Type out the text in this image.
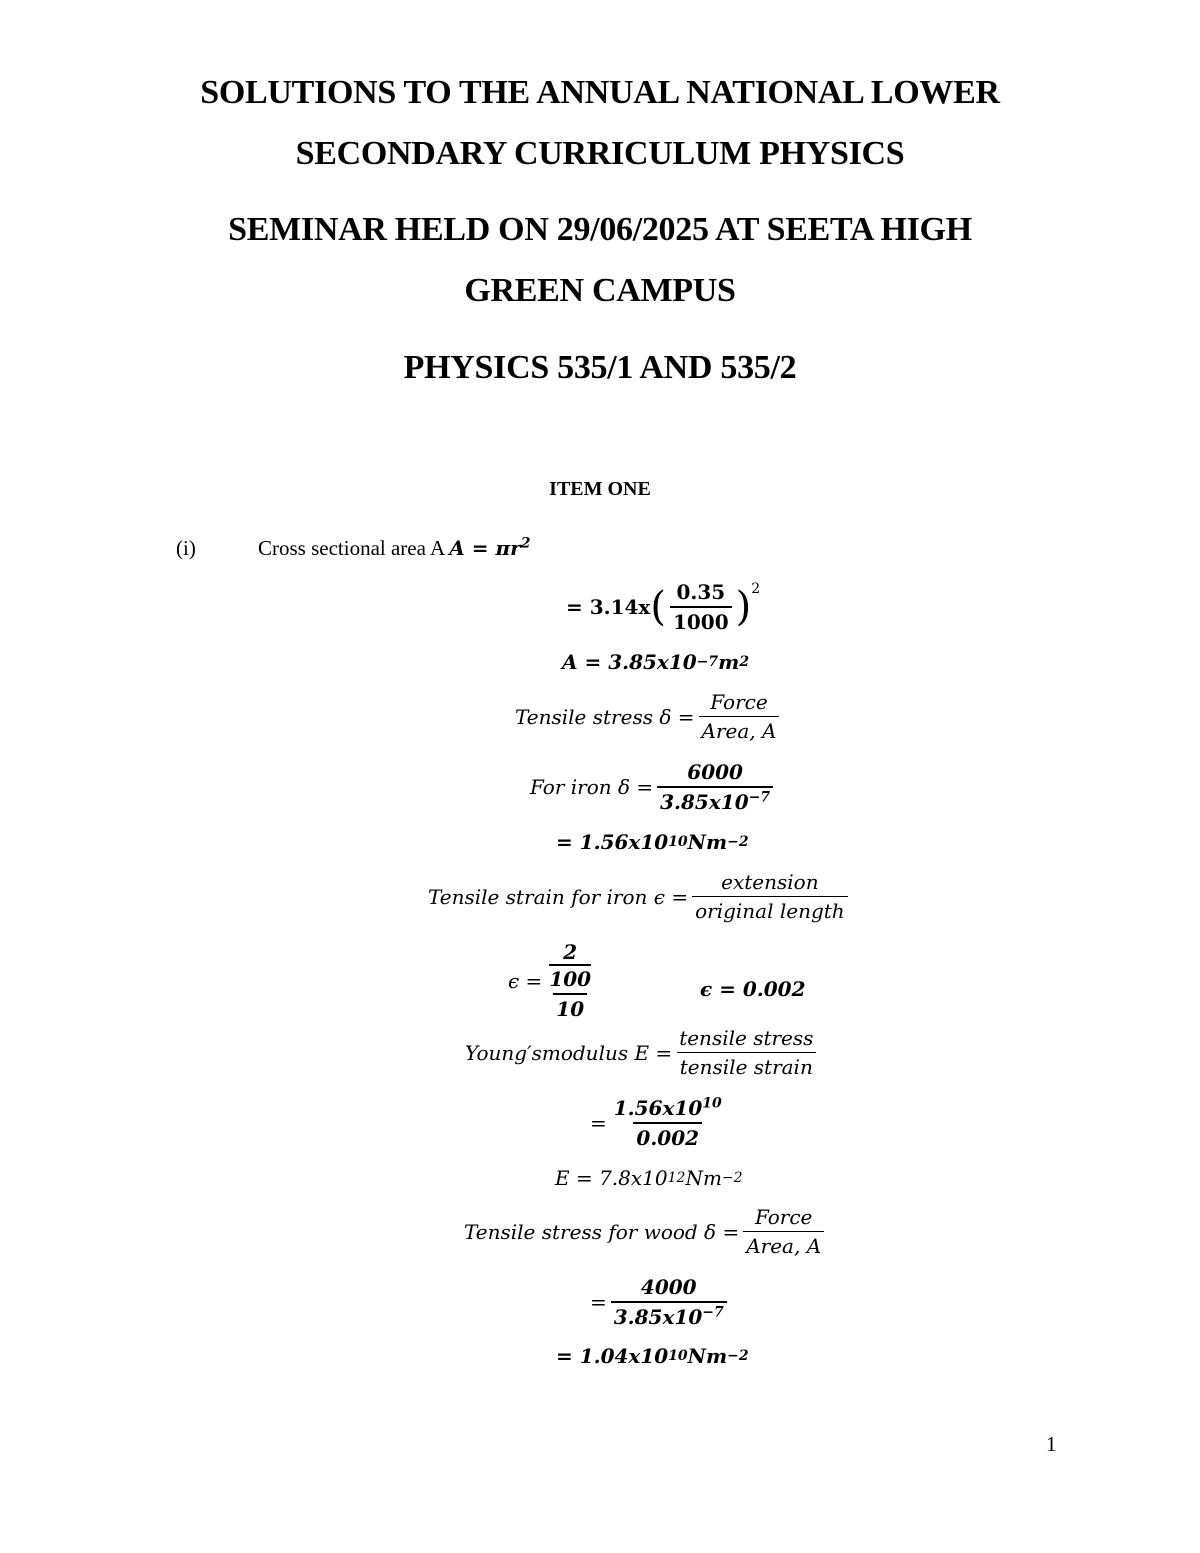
SOLUTIONS TO THE ANNUAL NATIONAL LOWER
SECONDARY CURRICULUM PHYSICS
SEMINAR HELD ON 29/06/2025 AT SEETA HIGH
GREEN CAMPUS
PHYSICS 535/1 AND 535/2
ITEM ONE
(i)	Cross sectional area A $A = \pi r^2$
= 3.14x ( $\frac{0.35}{1000} )^2$
A = 3.85x10 −7 m 2
Tensile stress $\delta = \frac{\text{Force}}{\text{Area, A}}$
For iron $\delta = \frac{6000}{3.85x10^{-7}}$
= 1.56x10 10 Nm −2
Tensile strain for iron $\epsilon = \frac{\text{extension}}{\text{original length}}$
ϵ = 2
100
10	ϵ = 0.002
Young′smodulus $E = \frac{\text{tensile stress}}{\text{tensile strain}}$
= $\frac{1.56x10^{10}}{0.002}$
E = 7.8x10 12 Nm −2
Tensile stress for wood $\delta = \frac{\text{Force}}{\text{Area, A}}$
= $\frac{4000}{3.85x10^{-7}}$
= 1.04x10 10 Nm −2
1
